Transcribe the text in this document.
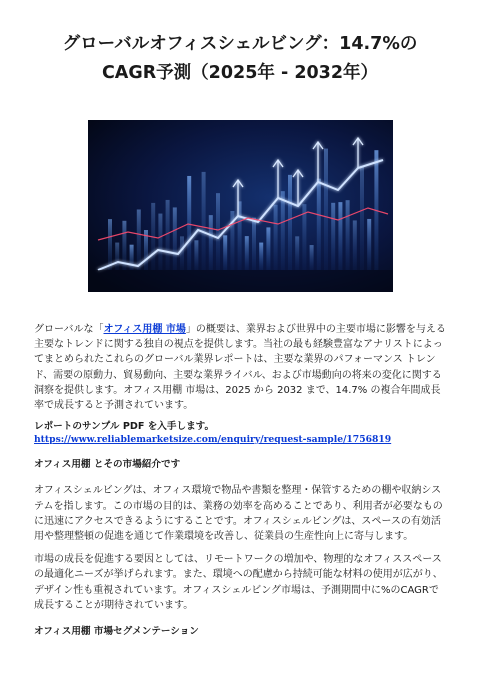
グローバルオフィスシェルビング：14.7%の
CAGR予測（2025年 - 2032年）

グローバルな「オフィス用棚 市場」の概要は、業界および世界中の主要市場に影響を与える主要なトレンドに関する独自の視点を提供します。当社の最も経験豊富なアナリストによってまとめられたこれらのグローバル業界レポートは、主要な業界のパフォーマンス トレンド、需要の原動力、貿易動向、主要な業界ライバル、および市場動向の将来の変化に関する洞察を提供します。オフィス用棚 市場は、2025 から 2032 まで、14.7% の複合年間成長率で成長すると予測されています。

レポートのサンプル PDF を入手します。 https://www.reliablemarketsize.com/enquiry/request-sample/1756819

オフィス用棚 とその市場紹介です

オフィスシェルビングは、オフィス環境で物品や書類を整理・保管するための棚や収納システムを指します。この市場の目的は、業務の効率を高めることであり、利用者が必要なものに迅速にアクセスできるようにすることです。オフィスシェルビングは、スペースの有効活用や整理整頓の促進を通じて作業環境を改善し、従業員の生産性向上に寄与します。

市場の成長を促進する要因としては、リモートワークの増加や、物理的なオフィススペースの最適化ニーズが挙げられます。また、環境への配慮から持続可能な材料の使用が広がり、デザイン性も重視されています。オフィスシェルビング市場は、予測期間中に%のCAGRで成長することが期待されています。

オフィス用棚 市場セグメンテーション
